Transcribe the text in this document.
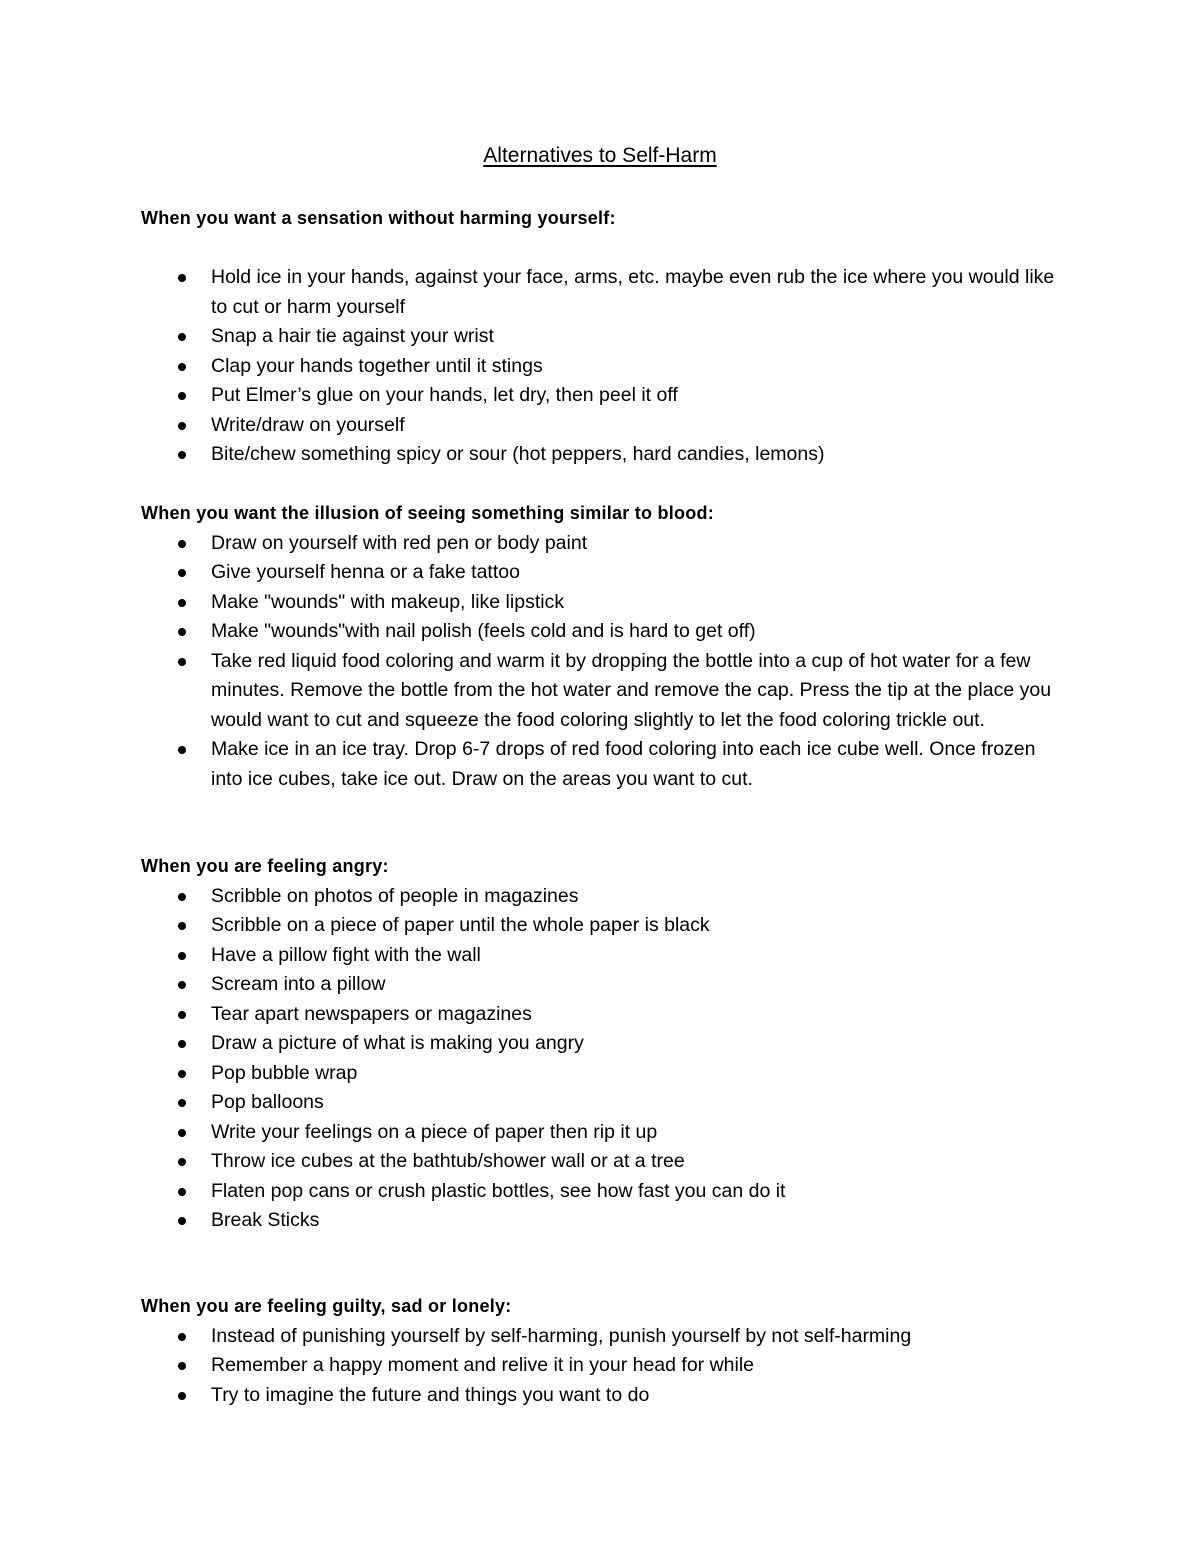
Alternatives to Self-Harm

When you want a sensation without harming yourself:

Hold ice in your hands, against your face, arms, etc. maybe even rub the ice where you would like to cut or harm yourself
Snap a hair tie against your wrist
Clap your hands together until it stings
Put Elmer’s glue on your hands, let dry, then peel it off
Write/draw on yourself
Bite/chew something spicy or sour (hot peppers, hard candies, lemons)

When you want the illusion of seeing something similar to blood:

Draw on yourself with red pen or body paint
Give yourself henna or a fake tattoo
Make "wounds" with makeup, like lipstick
Make "wounds"with nail polish (feels cold and is hard to get off)
Take red liquid food coloring and warm it by dropping the bottle into a cup of hot water for a few minutes. Remove the bottle from the hot water and remove the cap. Press the tip at the place you would want to cut and squeeze the food coloring slightly to let the food coloring trickle out.
Make ice in an ice tray. Drop 6-7 drops of red food coloring into each ice cube well. Once frozen into ice cubes, take ice out. Draw on the areas you want to cut.

When you are feeling angry:

Scribble on photos of people in magazines
Scribble on a piece of paper until the whole paper is black
Have a pillow fight with the wall
Scream into a pillow
Tear apart newspapers or magazines
Draw a picture of what is making you angry
Pop bubble wrap
Pop balloons
Write your feelings on a piece of paper then rip it up
Throw ice cubes at the bathtub/shower wall or at a tree
Flaten pop cans or crush plastic bottles, see how fast you can do it
Break Sticks

When you are feeling guilty, sad or lonely:

Instead of punishing yourself by self-harming, punish yourself by not self-harming
Remember a happy moment and relive it in your head for while
Try to imagine the future and things you want to do
